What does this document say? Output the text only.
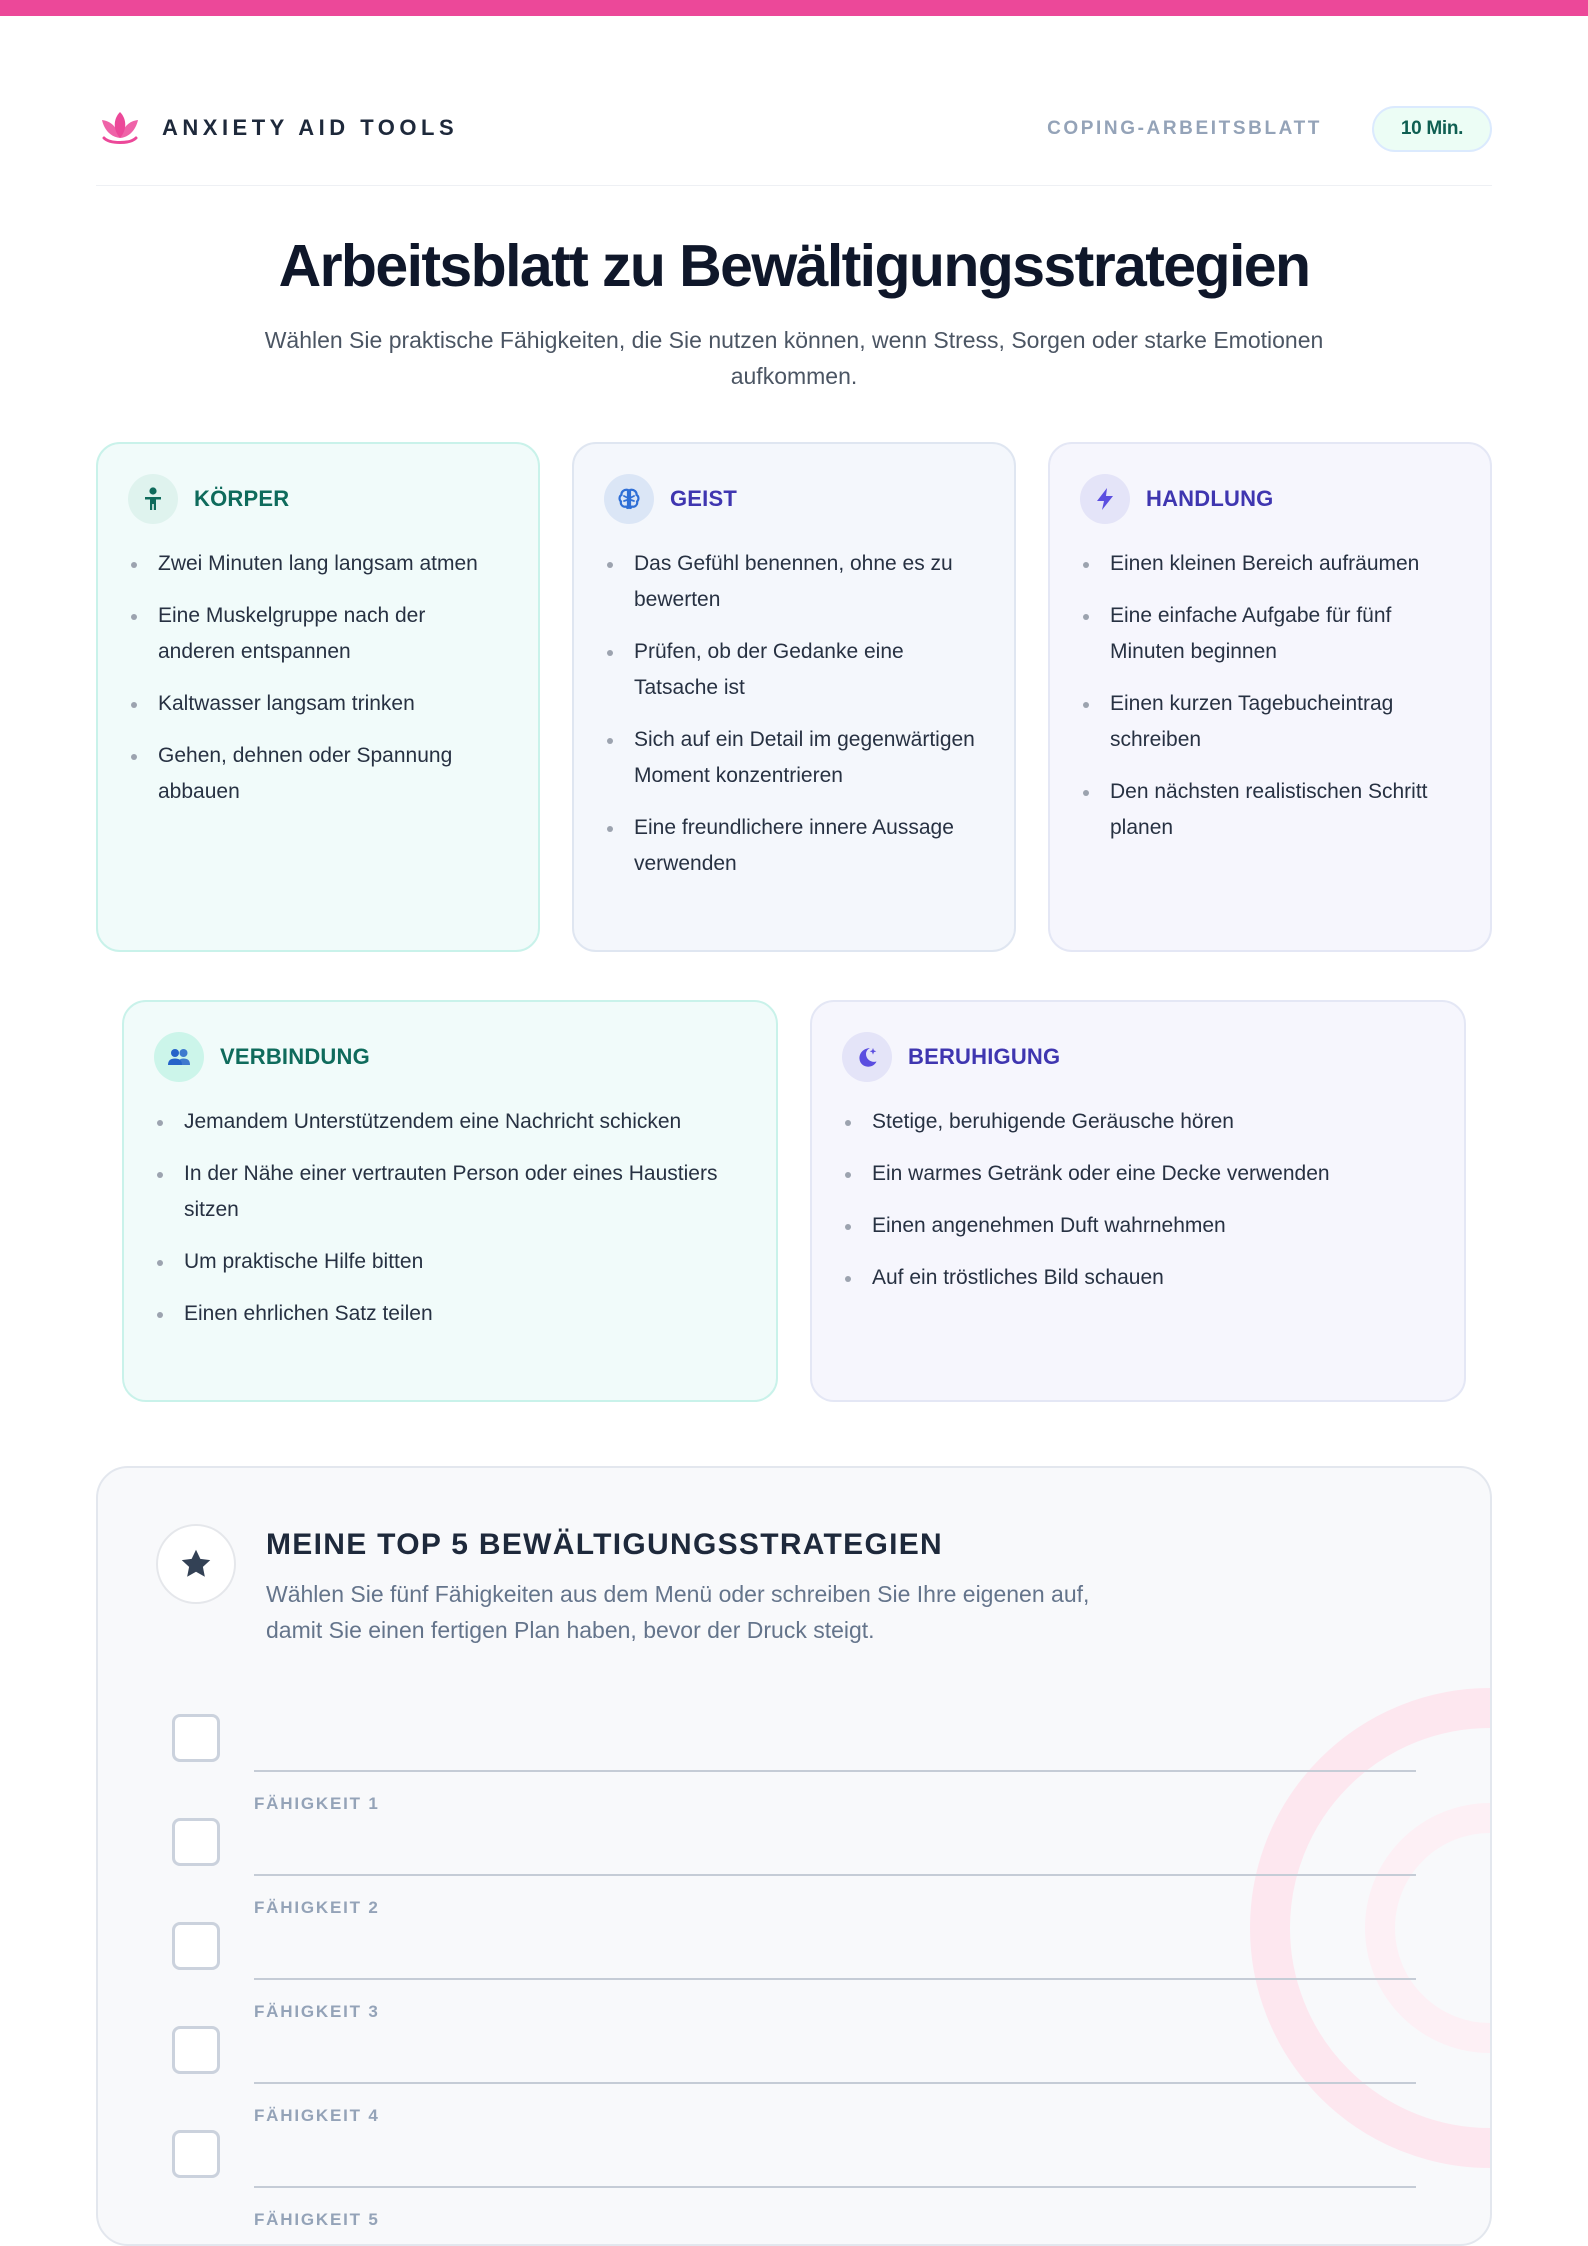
ANXIETY AID TOOLS	COPING-ARBEITSBLATT	10 Min.
Arbeitsblatt zu Bewältigungsstrategien

Wählen Sie praktische Fähigkeiten, die Sie nutzen können, wenn Stress, Sorgen oder starke Emotionen aufkommen.

KÖRPER
Zwei Minuten lang langsam atmen
Eine Muskelgruppe nach der anderen entspannen
Kaltwasser langsam trinken
Gehen, dehnen oder Spannung abbauen
GEIST
Das Gefühl benennen, ohne es zu bewerten
Prüfen, ob der Gedanke eine Tatsache ist
Sich auf ein Detail im gegenwärtigen Moment konzentrieren
Eine freundlichere innere Aussage verwenden
HANDLUNG
Einen kleinen Bereich aufräumen
Eine einfache Aufgabe für fünf Minuten beginnen
Einen kurzen Tagebucheintrag schreiben
Den nächsten realistischen Schritt planen
VERBINDUNG
Jemandem Unterstützendem eine Nachricht schicken
In der Nähe einer vertrauten Person oder eines Haustiers sitzen
Um praktische Hilfe bitten
Einen ehrlichen Satz teilen
BERUHIGUNG
Stetige, beruhigende Geräusche hören
Ein warmes Getränk oder eine Decke verwenden
Einen angenehmen Duft wahrnehmen
Auf ein tröstliches Bild schauen
MEINE TOP 5 BEWÄLTIGUNGSSTRATEGIEN
Wählen Sie fünf Fähigkeiten aus dem Menü oder schreiben Sie Ihre eigenen auf, damit Sie einen fertigen Plan haben, bevor der Druck steigt.
FÄHIGKEIT 1
FÄHIGKEIT 2
FÄHIGKEIT 3
FÄHIGKEIT 4
FÄHIGKEIT 5
